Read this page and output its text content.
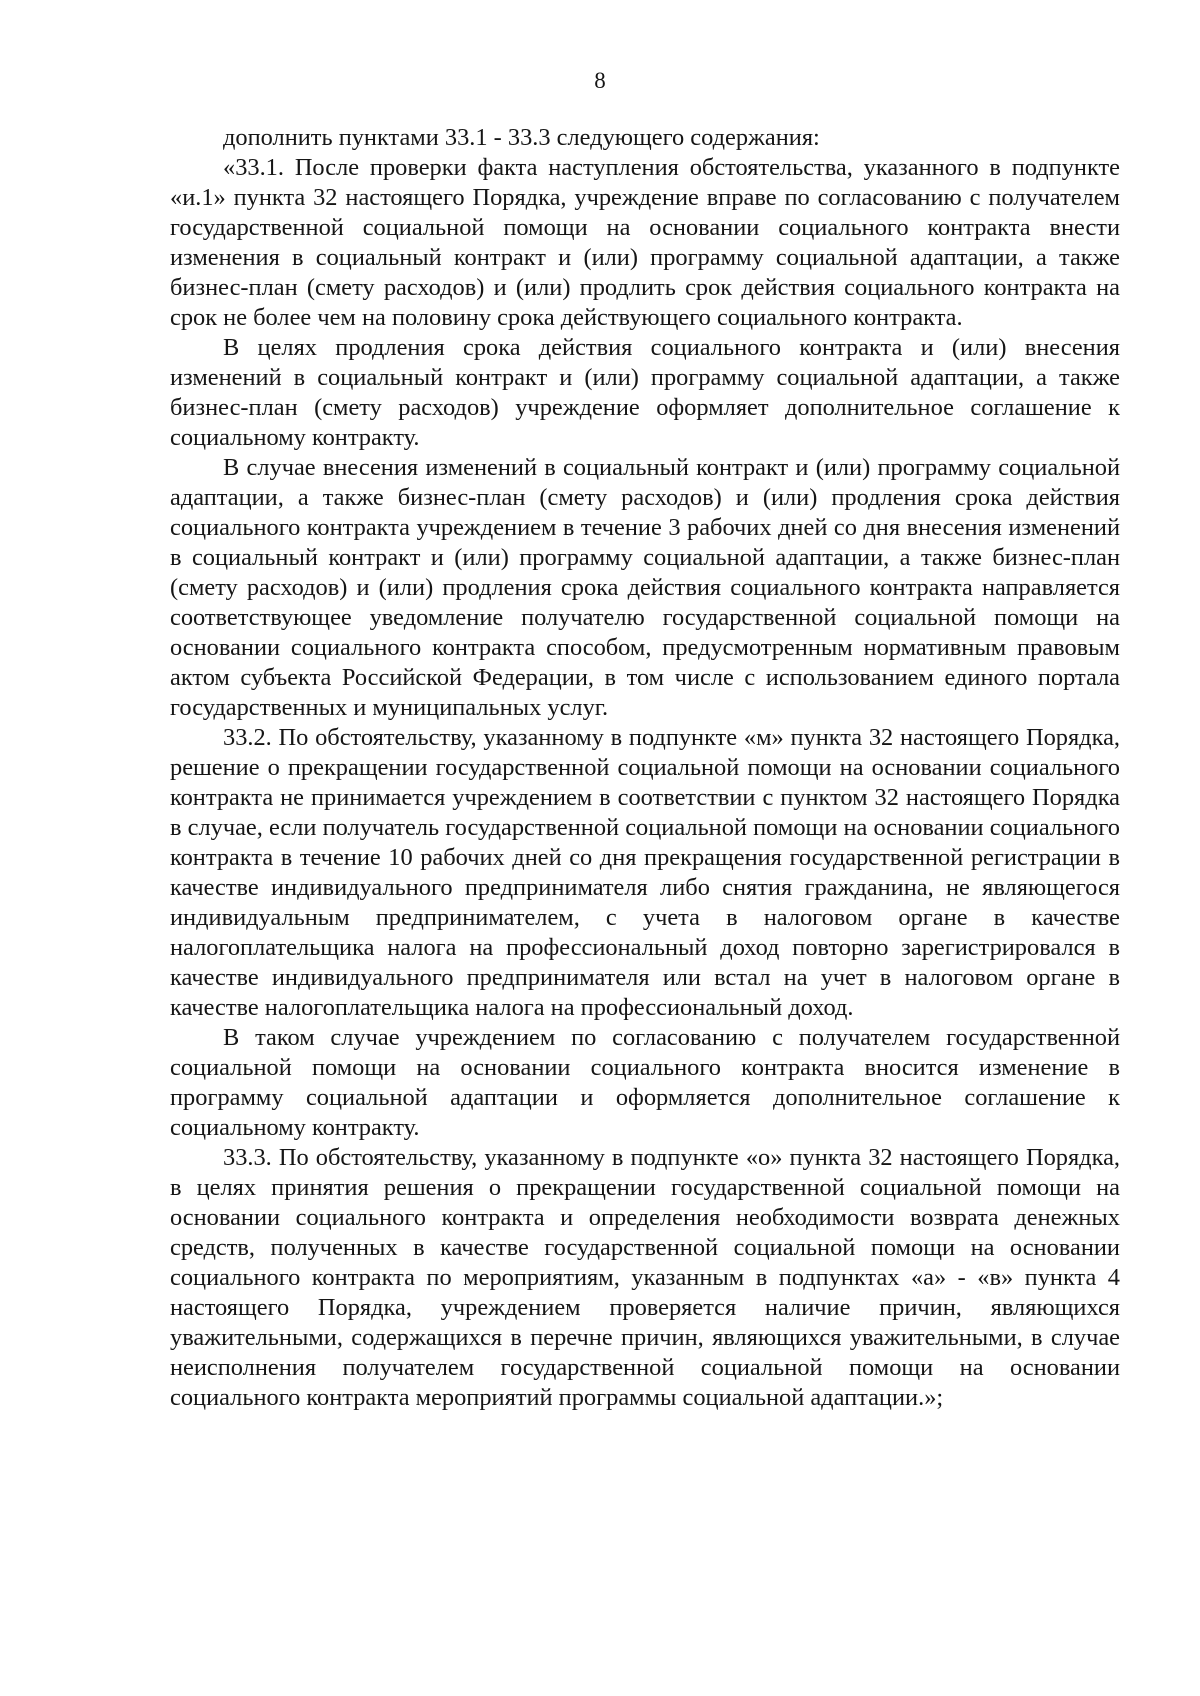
8

дополнить пунктами 33.1 - 33.3 следующего содержания:

«33.1. После проверки факта наступления обстоятельства, указанного в подпункте «и.1» пункта 32 настоящего Порядка, учреждение вправе по согласованию с получателем государственной социальной помощи на основании социального контракта внести изменения в социальный контракт и (или) программу социальной адаптации, а также бизнес-план (смету расходов) и (или) продлить срок действия социального контракта на срок не более чем на половину срока действующего социального контракта.

В целях продления срока действия социального контракта и (или) внесения изменений в социальный контракт и (или) программу социальной адаптации, а также бизнес-план (смету расходов) учреждение оформляет дополнительное соглашение к социальному контракту.

В случае внесения изменений в социальный контракт и (или) программу социальной адаптации, а также бизнес-план (смету расходов) и (или) продления срока действия социального контракта учреждением в течение 3 рабочих дней со дня внесения изменений в социальный контракт и (или) программу социальной адаптации, а также бизнес-план (смету расходов) и (или) продления срока действия социального контракта направляется соответствующее уведомление получателю государственной социальной помощи на основании социального контракта способом, предусмотренным нормативным правовым актом субъекта Российской Федерации, в том числе с использованием единого портала государственных и муниципальных услуг.

33.2. По обстоятельству, указанному в подпункте «м» пункта 32 настоящего Порядка, решение о прекращении государственной социальной помощи на основании социального контракта не принимается учреждением в соответствии с пунктом 32 настоящего Порядка в случае, если получатель государственной социальной помощи на основании социального контракта в течение 10 рабочих дней со дня прекращения государственной регистрации в качестве индивидуального предпринимателя либо снятия гражданина, не являющегося индивидуальным предпринимателем, с учета в налоговом органе в качестве налогоплательщика налога на профессиональный доход повторно зарегистрировался в качестве индивидуального предпринимателя или встал на учет в налоговом органе в качестве налогоплательщика налога на профессиональный доход.

В таком случае учреждением по согласованию с получателем государственной социальной помощи на основании социального контракта вносится изменение в программу социальной адаптации и оформляется дополнительное соглашение к социальному контракту.

33.3. По обстоятельству, указанному в подпункте «о» пункта 32 настоящего Порядка, в целях принятия решения о прекращении государственной социальной помощи на основании социального контракта и определения необходимости возврата денежных средств, полученных в качестве государственной социальной помощи на основании социального контракта по мероприятиям, указанным в подпунктах «а» - «в» пункта 4 настоящего Порядка, учреждением проверяется наличие причин, являющихся уважительными, содержащихся в перечне причин, являющихся уважительными, в случае неисполнения получателем государственной социальной помощи на основании социального контракта мероприятий программы социальной адаптации.»;
